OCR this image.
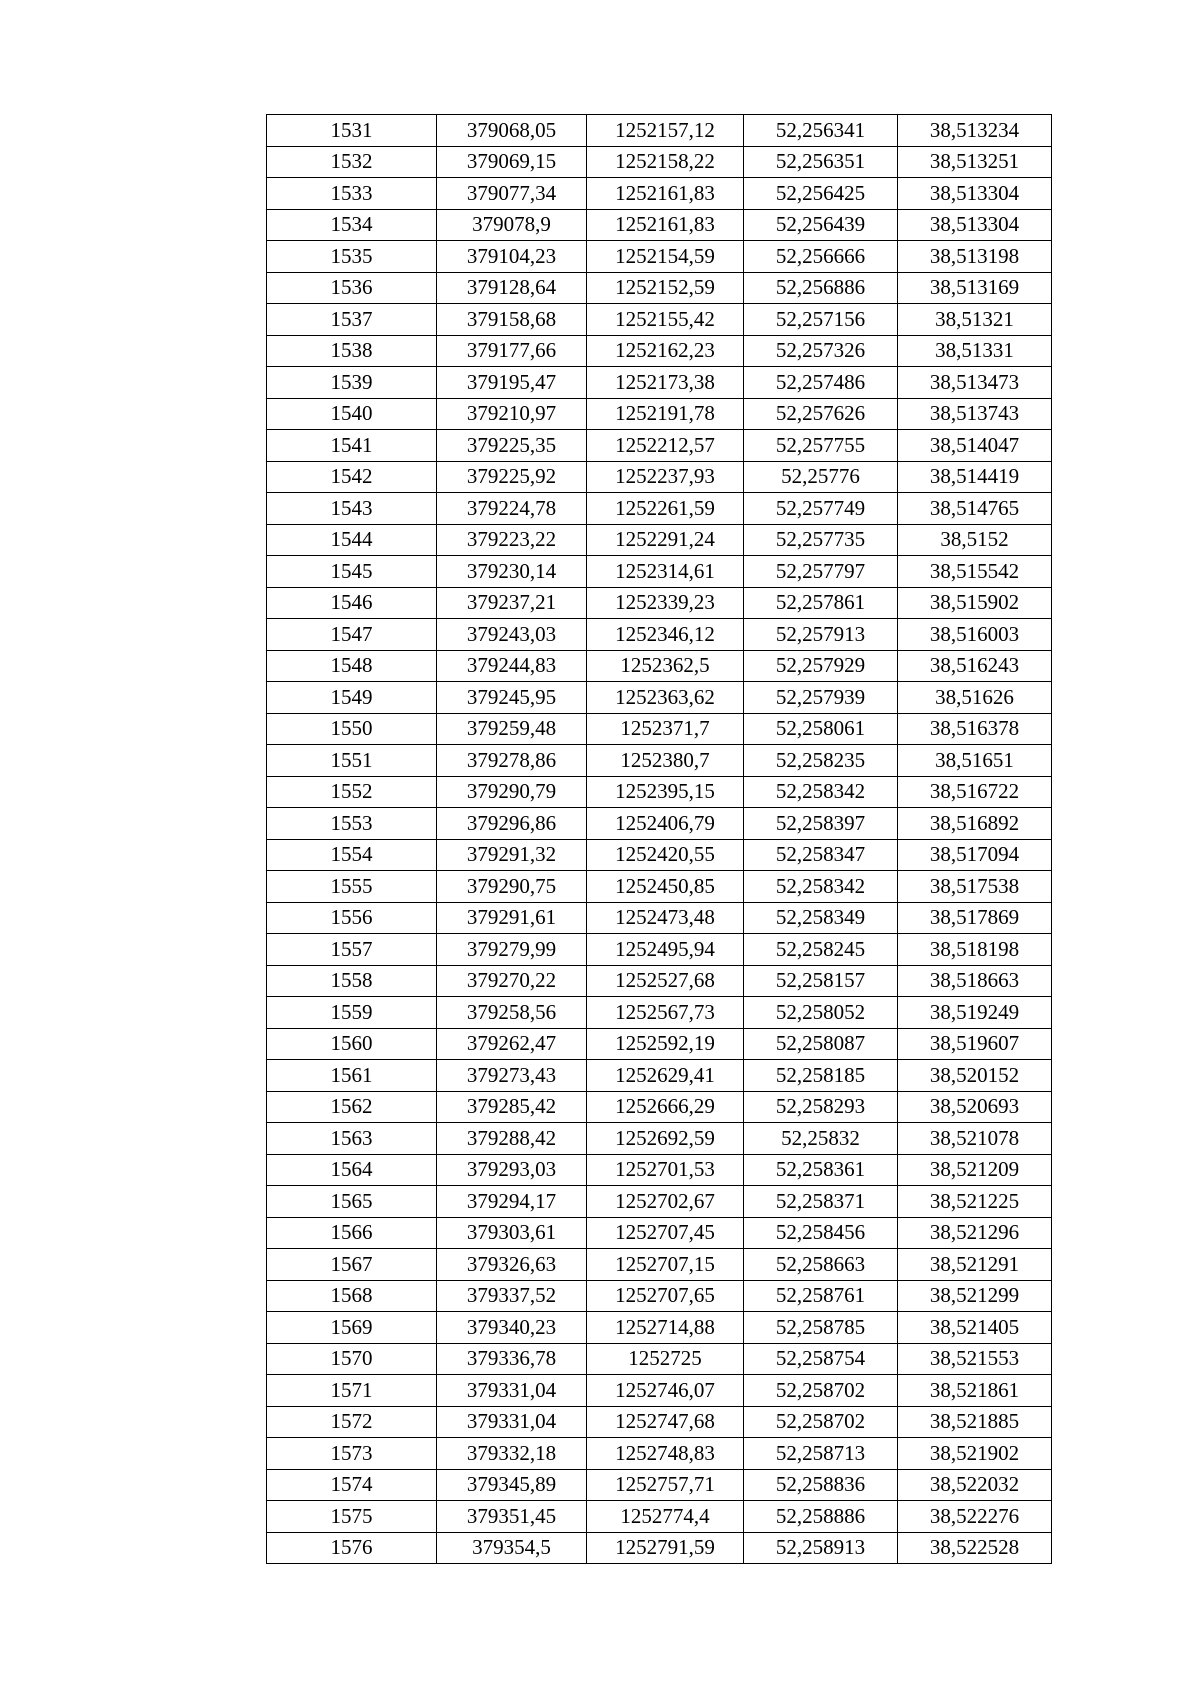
1531	379068,05	1252157,12	52,256341	38,513234
1532	379069,15	1252158,22	52,256351	38,513251
1533	379077,34	1252161,83	52,256425	38,513304
1534	379078,9	1252161,83	52,256439	38,513304
1535	379104,23	1252154,59	52,256666	38,513198
1536	379128,64	1252152,59	52,256886	38,513169
1537	379158,68	1252155,42	52,257156	38,51321
1538	379177,66	1252162,23	52,257326	38,51331
1539	379195,47	1252173,38	52,257486	38,513473
1540	379210,97	1252191,78	52,257626	38,513743
1541	379225,35	1252212,57	52,257755	38,514047
1542	379225,92	1252237,93	52,25776	38,514419
1543	379224,78	1252261,59	52,257749	38,514765
1544	379223,22	1252291,24	52,257735	38,5152
1545	379230,14	1252314,61	52,257797	38,515542
1546	379237,21	1252339,23	52,257861	38,515902
1547	379243,03	1252346,12	52,257913	38,516003
1548	379244,83	1252362,5	52,257929	38,516243
1549	379245,95	1252363,62	52,257939	38,51626
1550	379259,48	1252371,7	52,258061	38,516378
1551	379278,86	1252380,7	52,258235	38,51651
1552	379290,79	1252395,15	52,258342	38,516722
1553	379296,86	1252406,79	52,258397	38,516892
1554	379291,32	1252420,55	52,258347	38,517094
1555	379290,75	1252450,85	52,258342	38,517538
1556	379291,61	1252473,48	52,258349	38,517869
1557	379279,99	1252495,94	52,258245	38,518198
1558	379270,22	1252527,68	52,258157	38,518663
1559	379258,56	1252567,73	52,258052	38,519249
1560	379262,47	1252592,19	52,258087	38,519607
1561	379273,43	1252629,41	52,258185	38,520152
1562	379285,42	1252666,29	52,258293	38,520693
1563	379288,42	1252692,59	52,25832	38,521078
1564	379293,03	1252701,53	52,258361	38,521209
1565	379294,17	1252702,67	52,258371	38,521225
1566	379303,61	1252707,45	52,258456	38,521296
1567	379326,63	1252707,15	52,258663	38,521291
1568	379337,52	1252707,65	52,258761	38,521299
1569	379340,23	1252714,88	52,258785	38,521405
1570	379336,78	1252725	52,258754	38,521553
1571	379331,04	1252746,07	52,258702	38,521861
1572	379331,04	1252747,68	52,258702	38,521885
1573	379332,18	1252748,83	52,258713	38,521902
1574	379345,89	1252757,71	52,258836	38,522032
1575	379351,45	1252774,4	52,258886	38,522276
1576	379354,5	1252791,59	52,258913	38,522528
